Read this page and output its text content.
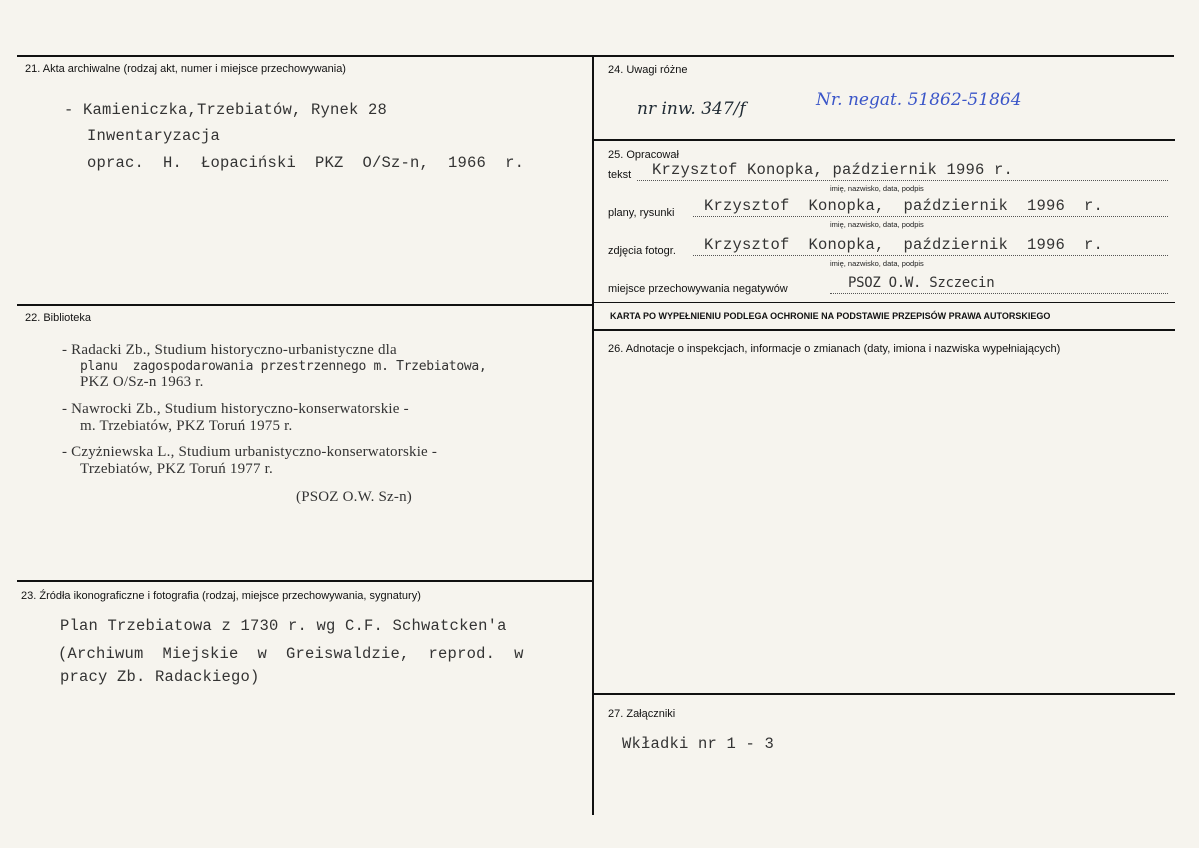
21. Akta archiwalne (rodzaj akt, numer i miejsce przechowywania)
- Kamieniczka,Trzebiatów, Rynek 28
Inwentaryzacja
oprac.  H.  Łopaciński  PKZ  O/Sz-n,  1966  r.
22. Biblioteka
- Radacki Zb., Studium historyczno-urbanistyczne dla
planu  zagospodarowania przestrzennego m. Trzebiatowa,
PKZ O/Sz-n 1963 r.
- Nawrocki Zb., Studium historyczno-konserwatorskie -
m. Trzebiatów, PKZ Toruń 1975 r.
- Czyżniewska L., Studium urbanistyczno-konserwatorskie -
Trzebiatów, PKZ Toruń 1977 r.
(PSOZ O.W. Sz-n)
23. Źródła ikonograficzne i fotografia (rodzaj, miejsce przechowywania, sygnatury)
Plan Trzebiatowa z 1730 r. wg C.F. Schwatcken'a
(Archiwum  Miejskie  w  Greiswaldzie,  reprod.  w
pracy Zb. Radackiego)
24. Uwagi różne
nr inw. 347/f	Nr. negat. 51862-51864
25. Opracował
tekst Krzysztof Konopka, październik 1996 r.
imię, nazwisko, data, podpis
plany, rysunki Krzysztof  Konopka,  październik  1996  r.
imię, nazwisko, data, podpis
zdjęcia fotogr. Krzysztof  Konopka,  październik  1996  r.
imię, nazwisko, data, podpis
miejsce przechowywania negatywów	PSOZ O.W. Szczecin
KARTA PO WYPEŁNIENIU PODLEGA OCHRONIE NA PODSTAWIE PRZEPISÓW PRAWA AUTORSKIEGO
26. Adnotacje o inspekcjach, informacje o zmianach (daty, imiona i nazwiska wypełniających)
27. Załączniki
Wkładki nr 1 - 3
